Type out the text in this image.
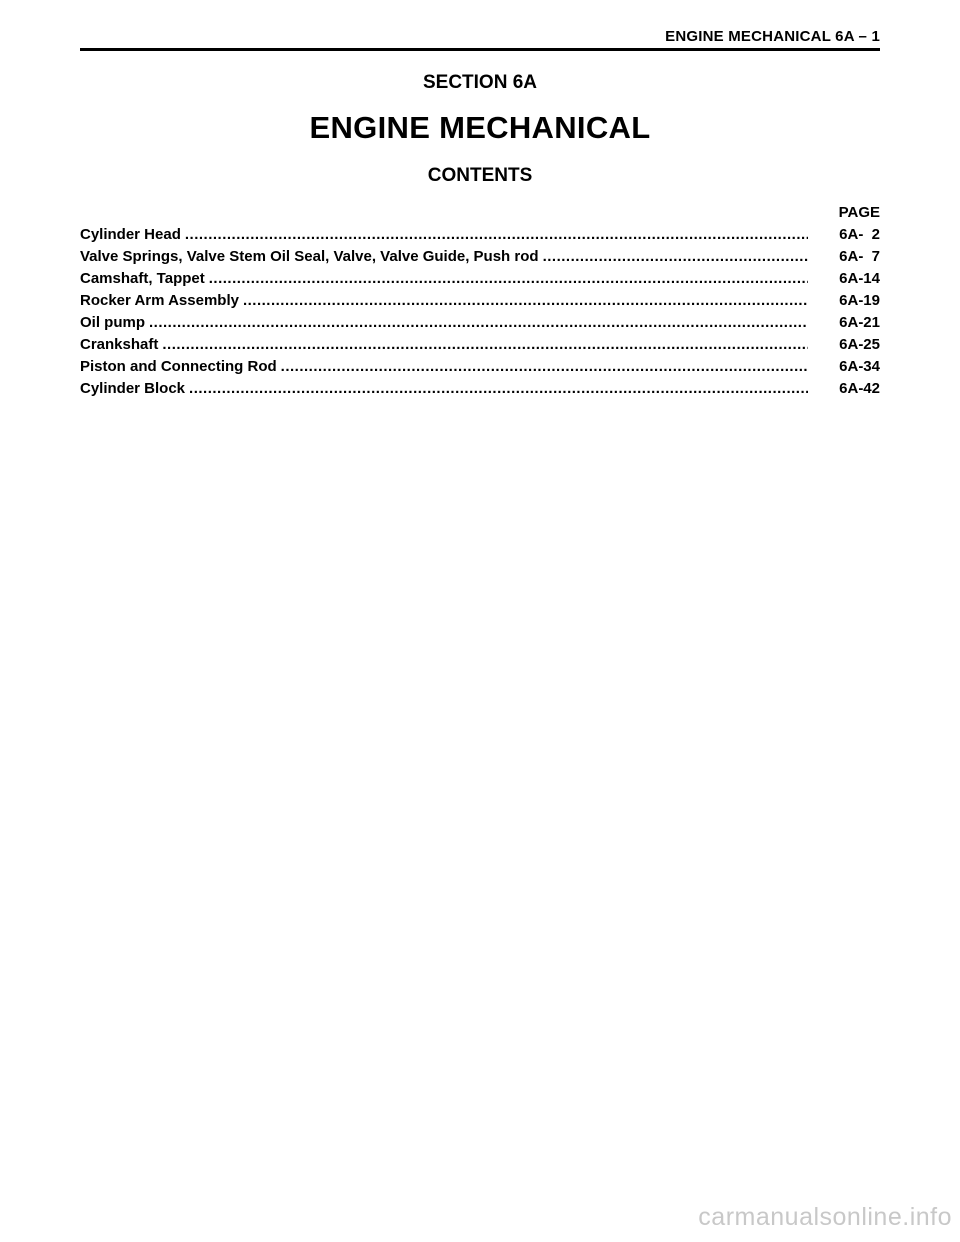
ENGINE MECHANICAL 6A – 1
SECTION 6A
ENGINE MECHANICAL
CONTENTS
PAGE
Cylinder Head .....	6A-  2
Valve Springs, Valve Stem Oil Seal, Valve, Valve Guide, Push rod .....	6A-  7
Camshaft, Tappet .....	6A-14
Rocker Arm Assembly .....	6A-19
Oil pump .....	6A-21
Crankshaft .....	6A-25
Piston and Connecting Rod .....	6A-34
Cylinder Block .....	6A-42
carmanualsonline.info
